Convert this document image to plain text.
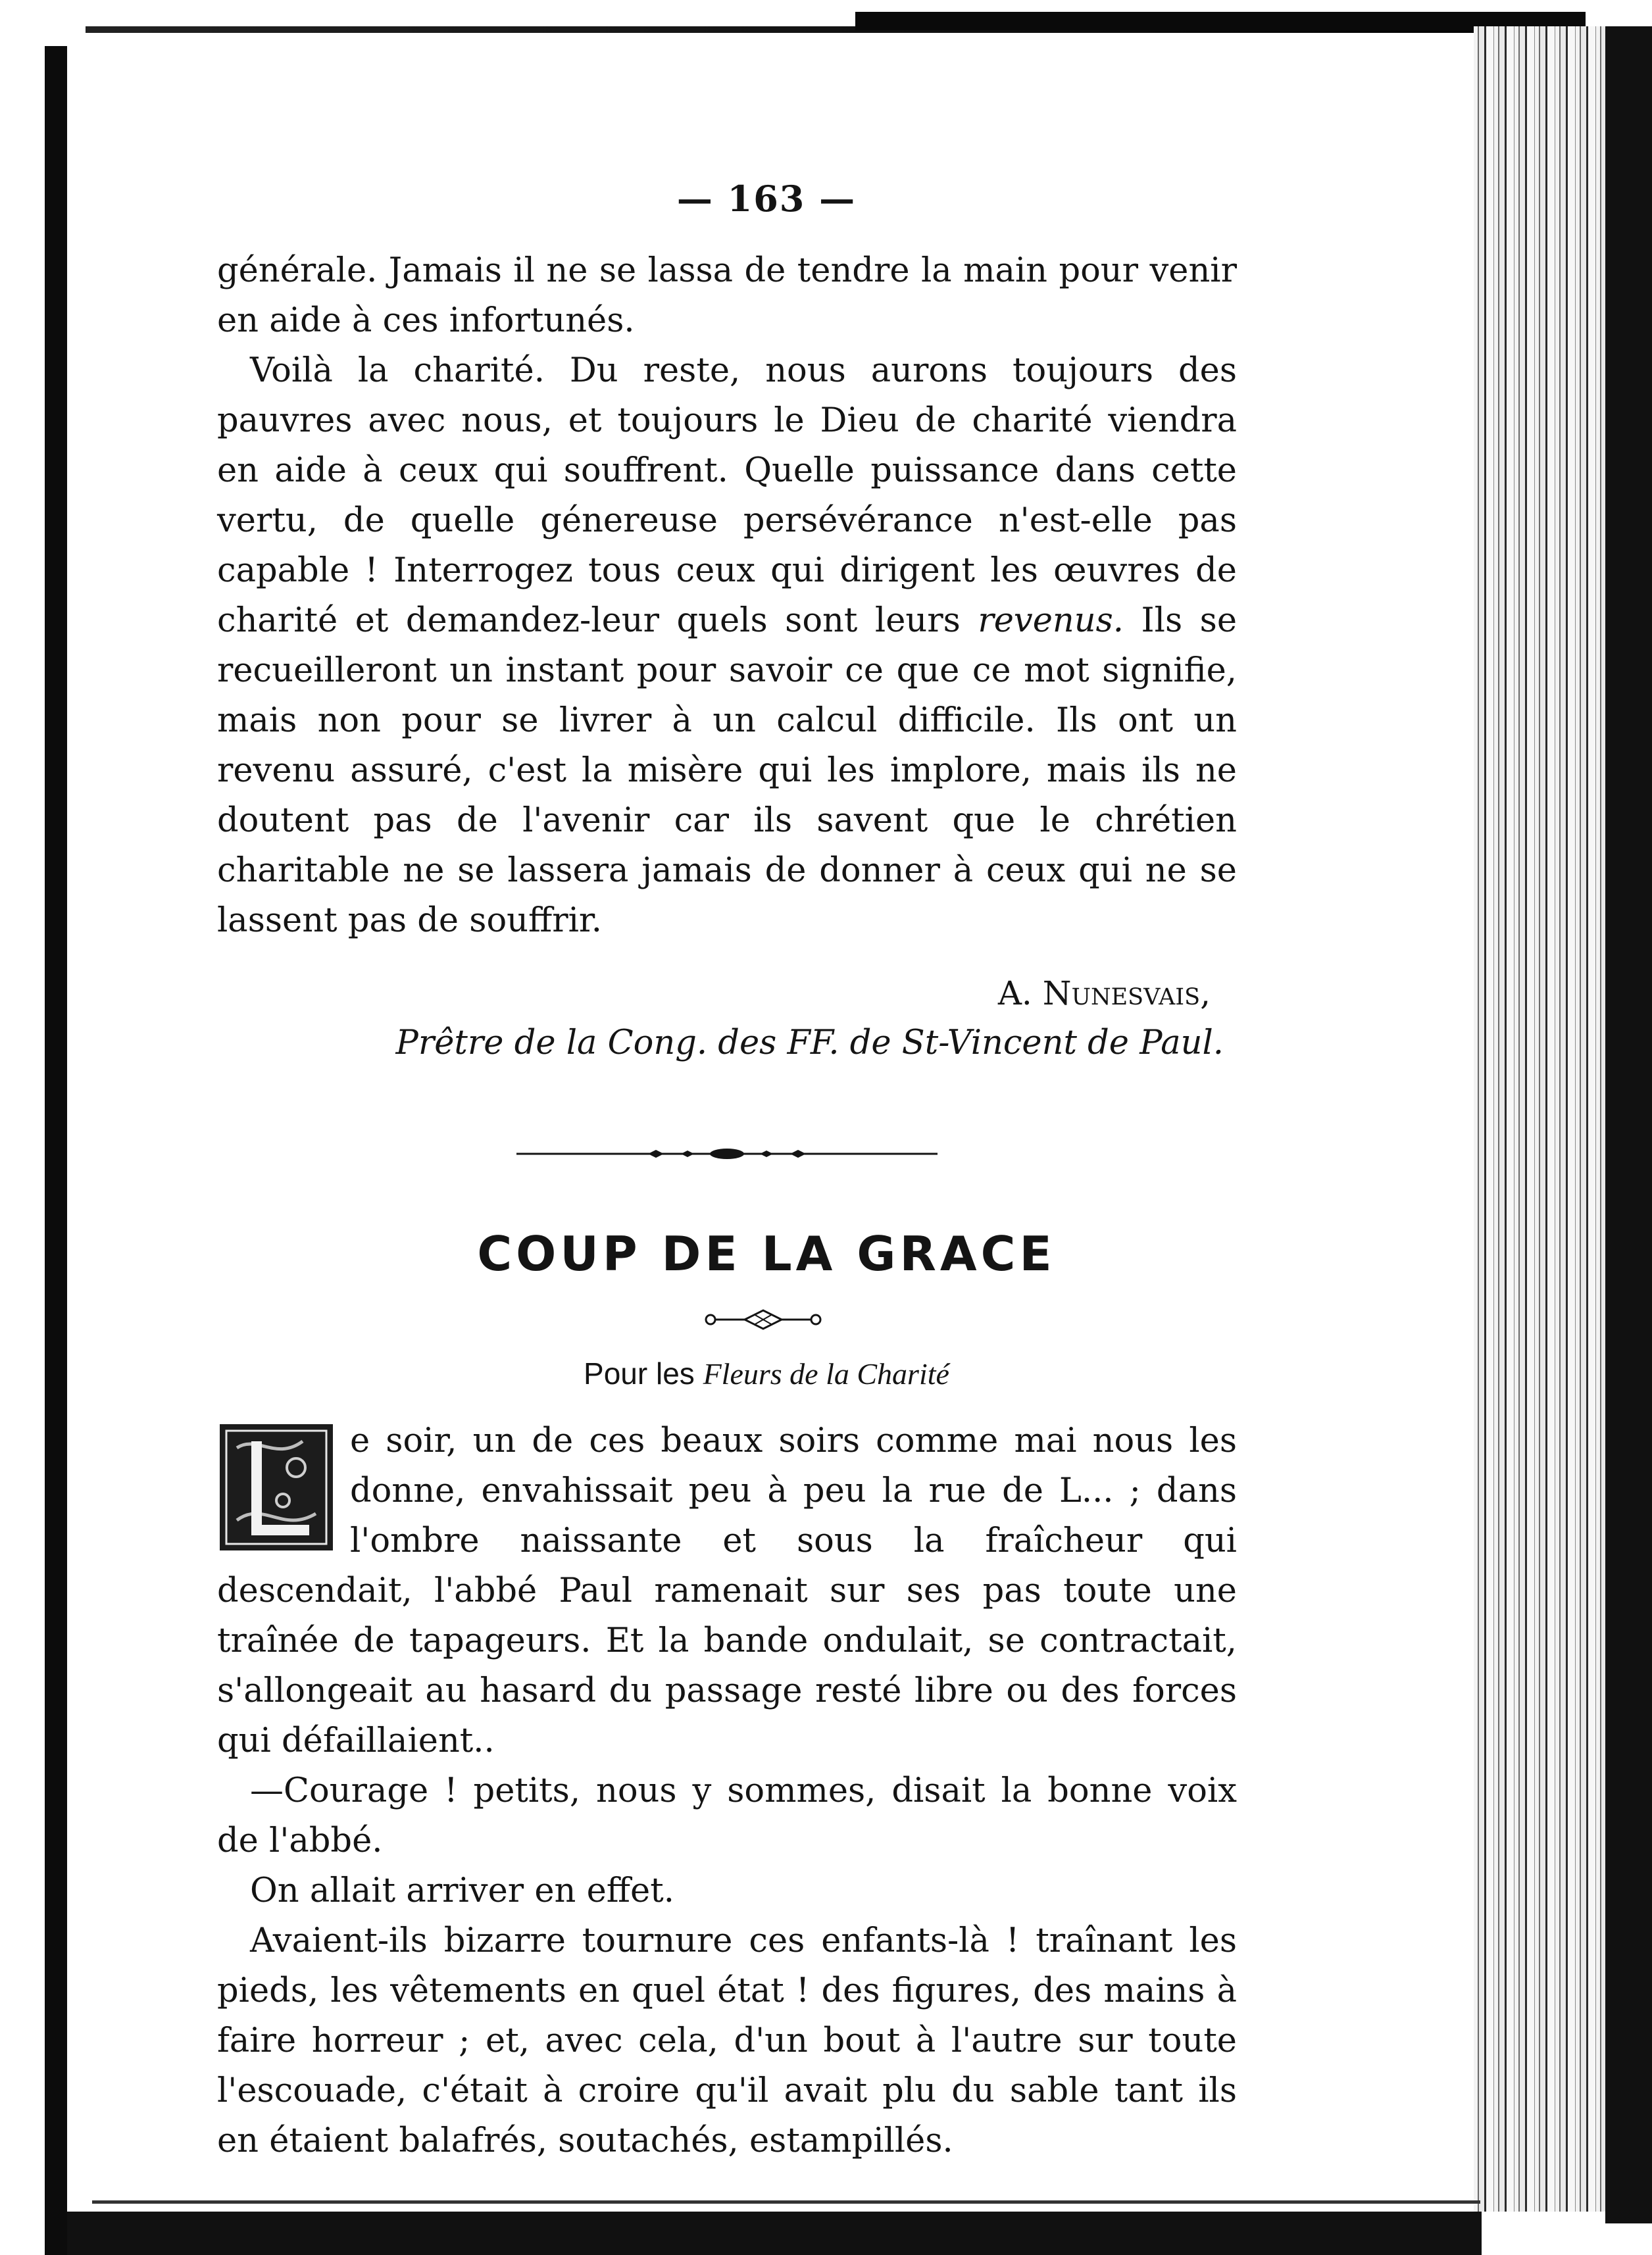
— 163 —

générale. Jamais il ne se lassa de tendre la main pour venir en aide à ces infortunés.

Voilà la charité. Du reste, nous aurons toujours des pauvres avec nous, et toujours le Dieu de charité viendra en aide à ceux qui souffrent. Quelle puissance dans cette vertu, de quelle génereuse persévérance n'est-elle pas capable ! Interrogez tous ceux qui dirigent les œuvres de charité et demandez-leur quels sont leurs revenus. Ils se recueilleront un instant pour savoir ce que ce mot signifie, mais non pour se livrer à un calcul difficile. Ils ont un revenu assuré, c'est la misère qui les implore, mais ils ne doutent pas de l'avenir car ils savent que le chrétien charitable ne se lassera jamais de donner à ceux qui ne se lassent pas de souffrir.

A. Nunesvais,
Prêtre de la Cong. des FF. de St-Vincent de Paul.
COUP DE LA GRACE
Pour les Fleurs de la Charité

e soir, un de ces beaux soirs comme mai nous les donne, envahissait peu à peu la rue de L... ; dans l'ombre naissante et sous la fraîcheur qui descendait, l'abbé Paul ramenait sur ses pas toute une traînée de tapageurs. Et la bande ondulait, se contractait, s'allongeait au hasard du passage resté libre ou des forces qui défaillaient..

—Courage ! petits, nous y sommes, disait la bonne voix de l'abbé.

On allait arriver en effet.

Avaient-ils bizarre tournure ces enfants-là ! traînant les pieds, les vêtements en quel état ! des figures, des mains à faire horreur ; et, avec cela, d'un bout à l'autre sur toute l'escouade, c'était à croire qu'il avait plu du sable tant ils en étaient balafrés, soutachés, estampillés.
